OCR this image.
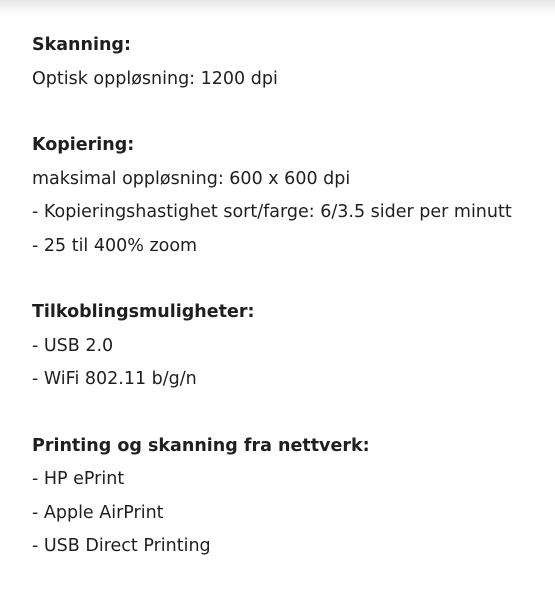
Skanning:
Optisk oppløsning: 1200 dpi
Kopiering:
maksimal oppløsning: 600 x 600 dpi
- Kopieringshastighet sort/farge: 6/3.5 sider per minutt
- 25 til 400% zoom
Tilkoblingsmuligheter:
- USB 2.0
- WiFi 802.11 b/g/n
Printing og skanning fra nettverk:
- HP ePrint
- Apple AirPrint
- USB Direct Printing
